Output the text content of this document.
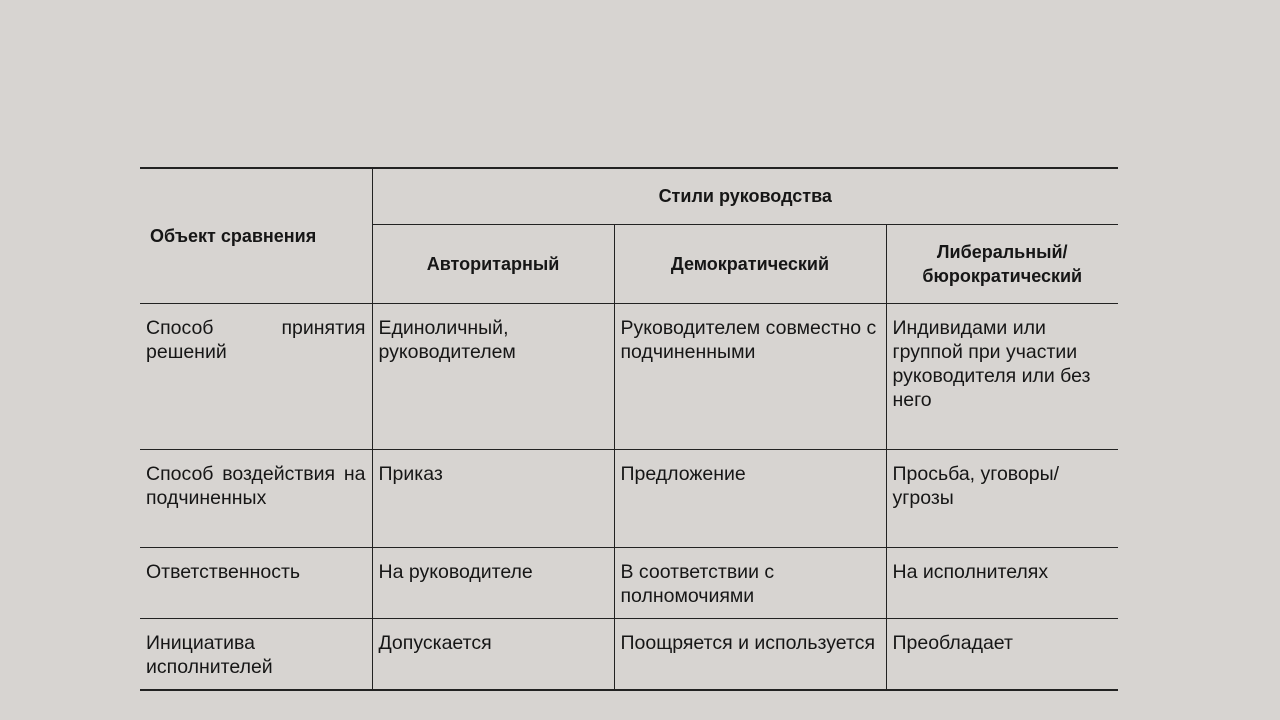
Объект сравнения	Стили руководства		
	Авторитарный	Демократический	Либеральный/ бюрократический
Способ принятия решений	Единоличный, руководителем	Руководителем совместно с подчиненными	Индивидами или группой при участии руководителя или без него
Способ воздействия на подчиненных	Приказ	Предложение	Просьба, уговоры/угрозы
Ответственность	На руководителе	В соответствии с полномочиями	На исполнителях
Инициатива исполнителей	Допускается	Поощряется и используется	Преобладает
